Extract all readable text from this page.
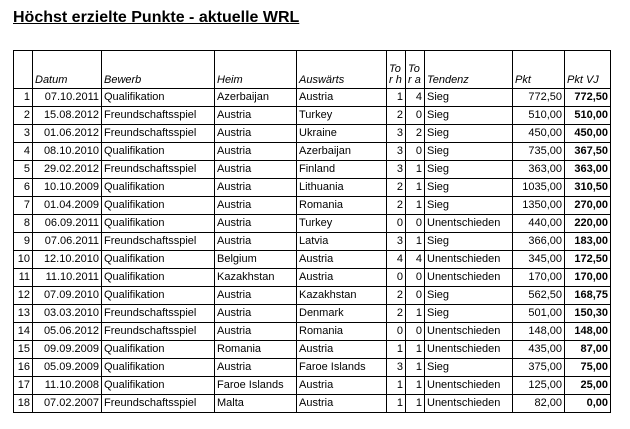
Höchst erzielte Punkte - aktuelle WRL
	Datum	Bewerb	Heim	Auswärts	Tor h	Tor a	Tendenz	Pkt	Pkt VJ
1	07.10.2011	Qualifikation	Azerbaijan	Austria	1	4	Sieg	772,50	772,50
2	15.08.2012	Freundschaftsspiel	Austria	Turkey	2	0	Sieg	510,00	510,00
3	01.06.2012	Freundschaftsspiel	Austria	Ukraine	3	2	Sieg	450,00	450,00
4	08.10.2010	Qualifikation	Austria	Azerbaijan	3	0	Sieg	735,00	367,50
5	29.02.2012	Freundschaftsspiel	Austria	Finland	3	1	Sieg	363,00	363,00
6	10.10.2009	Qualifikation	Austria	Lithuania	2	1	Sieg	1035,00	310,50
7	01.04.2009	Qualifikation	Austria	Romania	2	1	Sieg	1350,00	270,00
8	06.09.2011	Qualifikation	Austria	Turkey	0	0	Unentschieden	440,00	220,00
9	07.06.2011	Freundschaftsspiel	Austria	Latvia	3	1	Sieg	366,00	183,00
10	12.10.2010	Qualifikation	Belgium	Austria	4	4	Unentschieden	345,00	172,50
11	11.10.2011	Qualifikation	Kazakhstan	Austria	0	0	Unentschieden	170,00	170,00
12	07.09.2010	Qualifikation	Austria	Kazakhstan	2	0	Sieg	562,50	168,75
13	03.03.2010	Freundschaftsspiel	Austria	Denmark	2	1	Sieg	501,00	150,30
14	05.06.2012	Freundschaftsspiel	Austria	Romania	0	0	Unentschieden	148,00	148,00
15	09.09.2009	Qualifikation	Romania	Austria	1	1	Unentschieden	435,00	87,00
16	05.09.2009	Qualifikation	Austria	Faroe Islands	3	1	Sieg	375,00	75,00
17	11.10.2008	Qualifikation	Faroe Islands	Austria	1	1	Unentschieden	125,00	25,00
18	07.02.2007	Freundschaftsspiel	Malta	Austria	1	1	Unentschieden	82,00	0,00
